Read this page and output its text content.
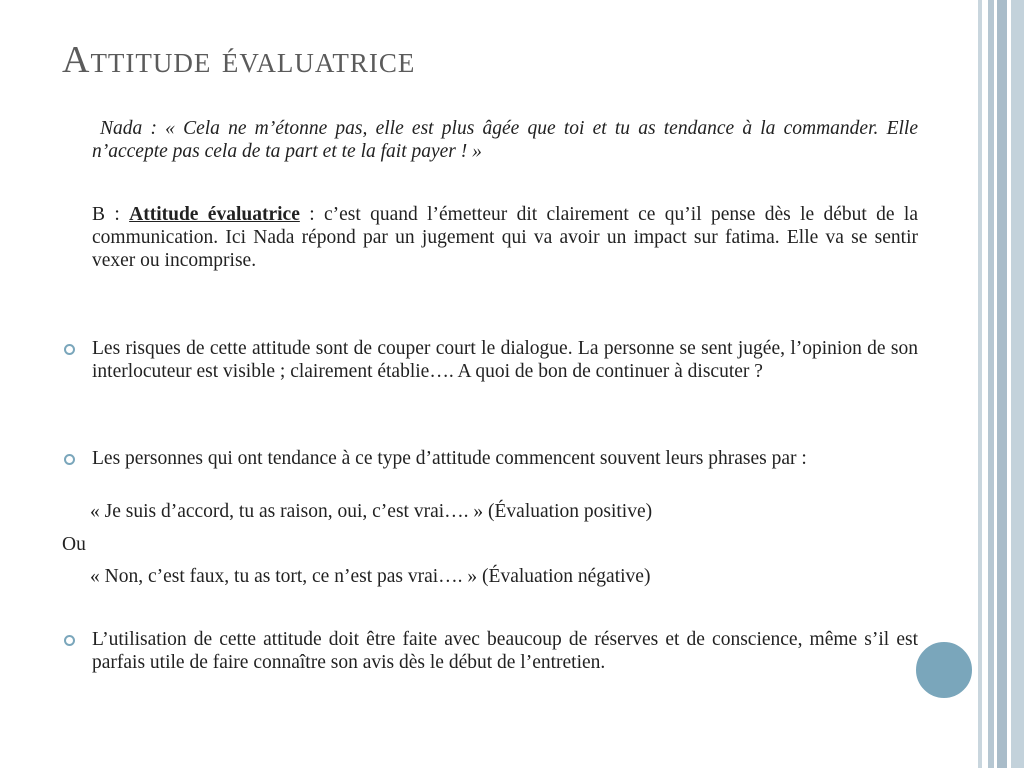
Attitude évaluatrice
Nada : « Cela ne m’étonne pas, elle est plus âgée que toi et tu as tendance à la commander. Elle n’accepte pas cela de ta part et te la fait payer ! »
B : Attitude évaluatrice : c’est quand l’émetteur dit clairement ce qu’il pense dès le début de la communication. Ici Nada répond par un jugement qui va avoir un impact sur fatima. Elle va se sentir vexer ou incomprise.
Les risques de cette attitude sont de couper court le dialogue. La personne se sent jugée, l’opinion de son interlocuteur est visible ; clairement établie…. A quoi de bon de continuer à discuter ?
Les personnes qui ont tendance à ce type d’attitude commencent souvent leurs phrases par :
« Je suis d’accord, tu as raison, oui, c’est vrai…. » (Évaluation positive)
Ou
« Non, c’est faux, tu as tort, ce n’est pas vrai…. » (Évaluation négative)
L’utilisation de cette attitude doit être faite avec beaucoup de réserves et de conscience, même s’il est parfais utile de faire connaître son avis dès le début de l’entretien.
